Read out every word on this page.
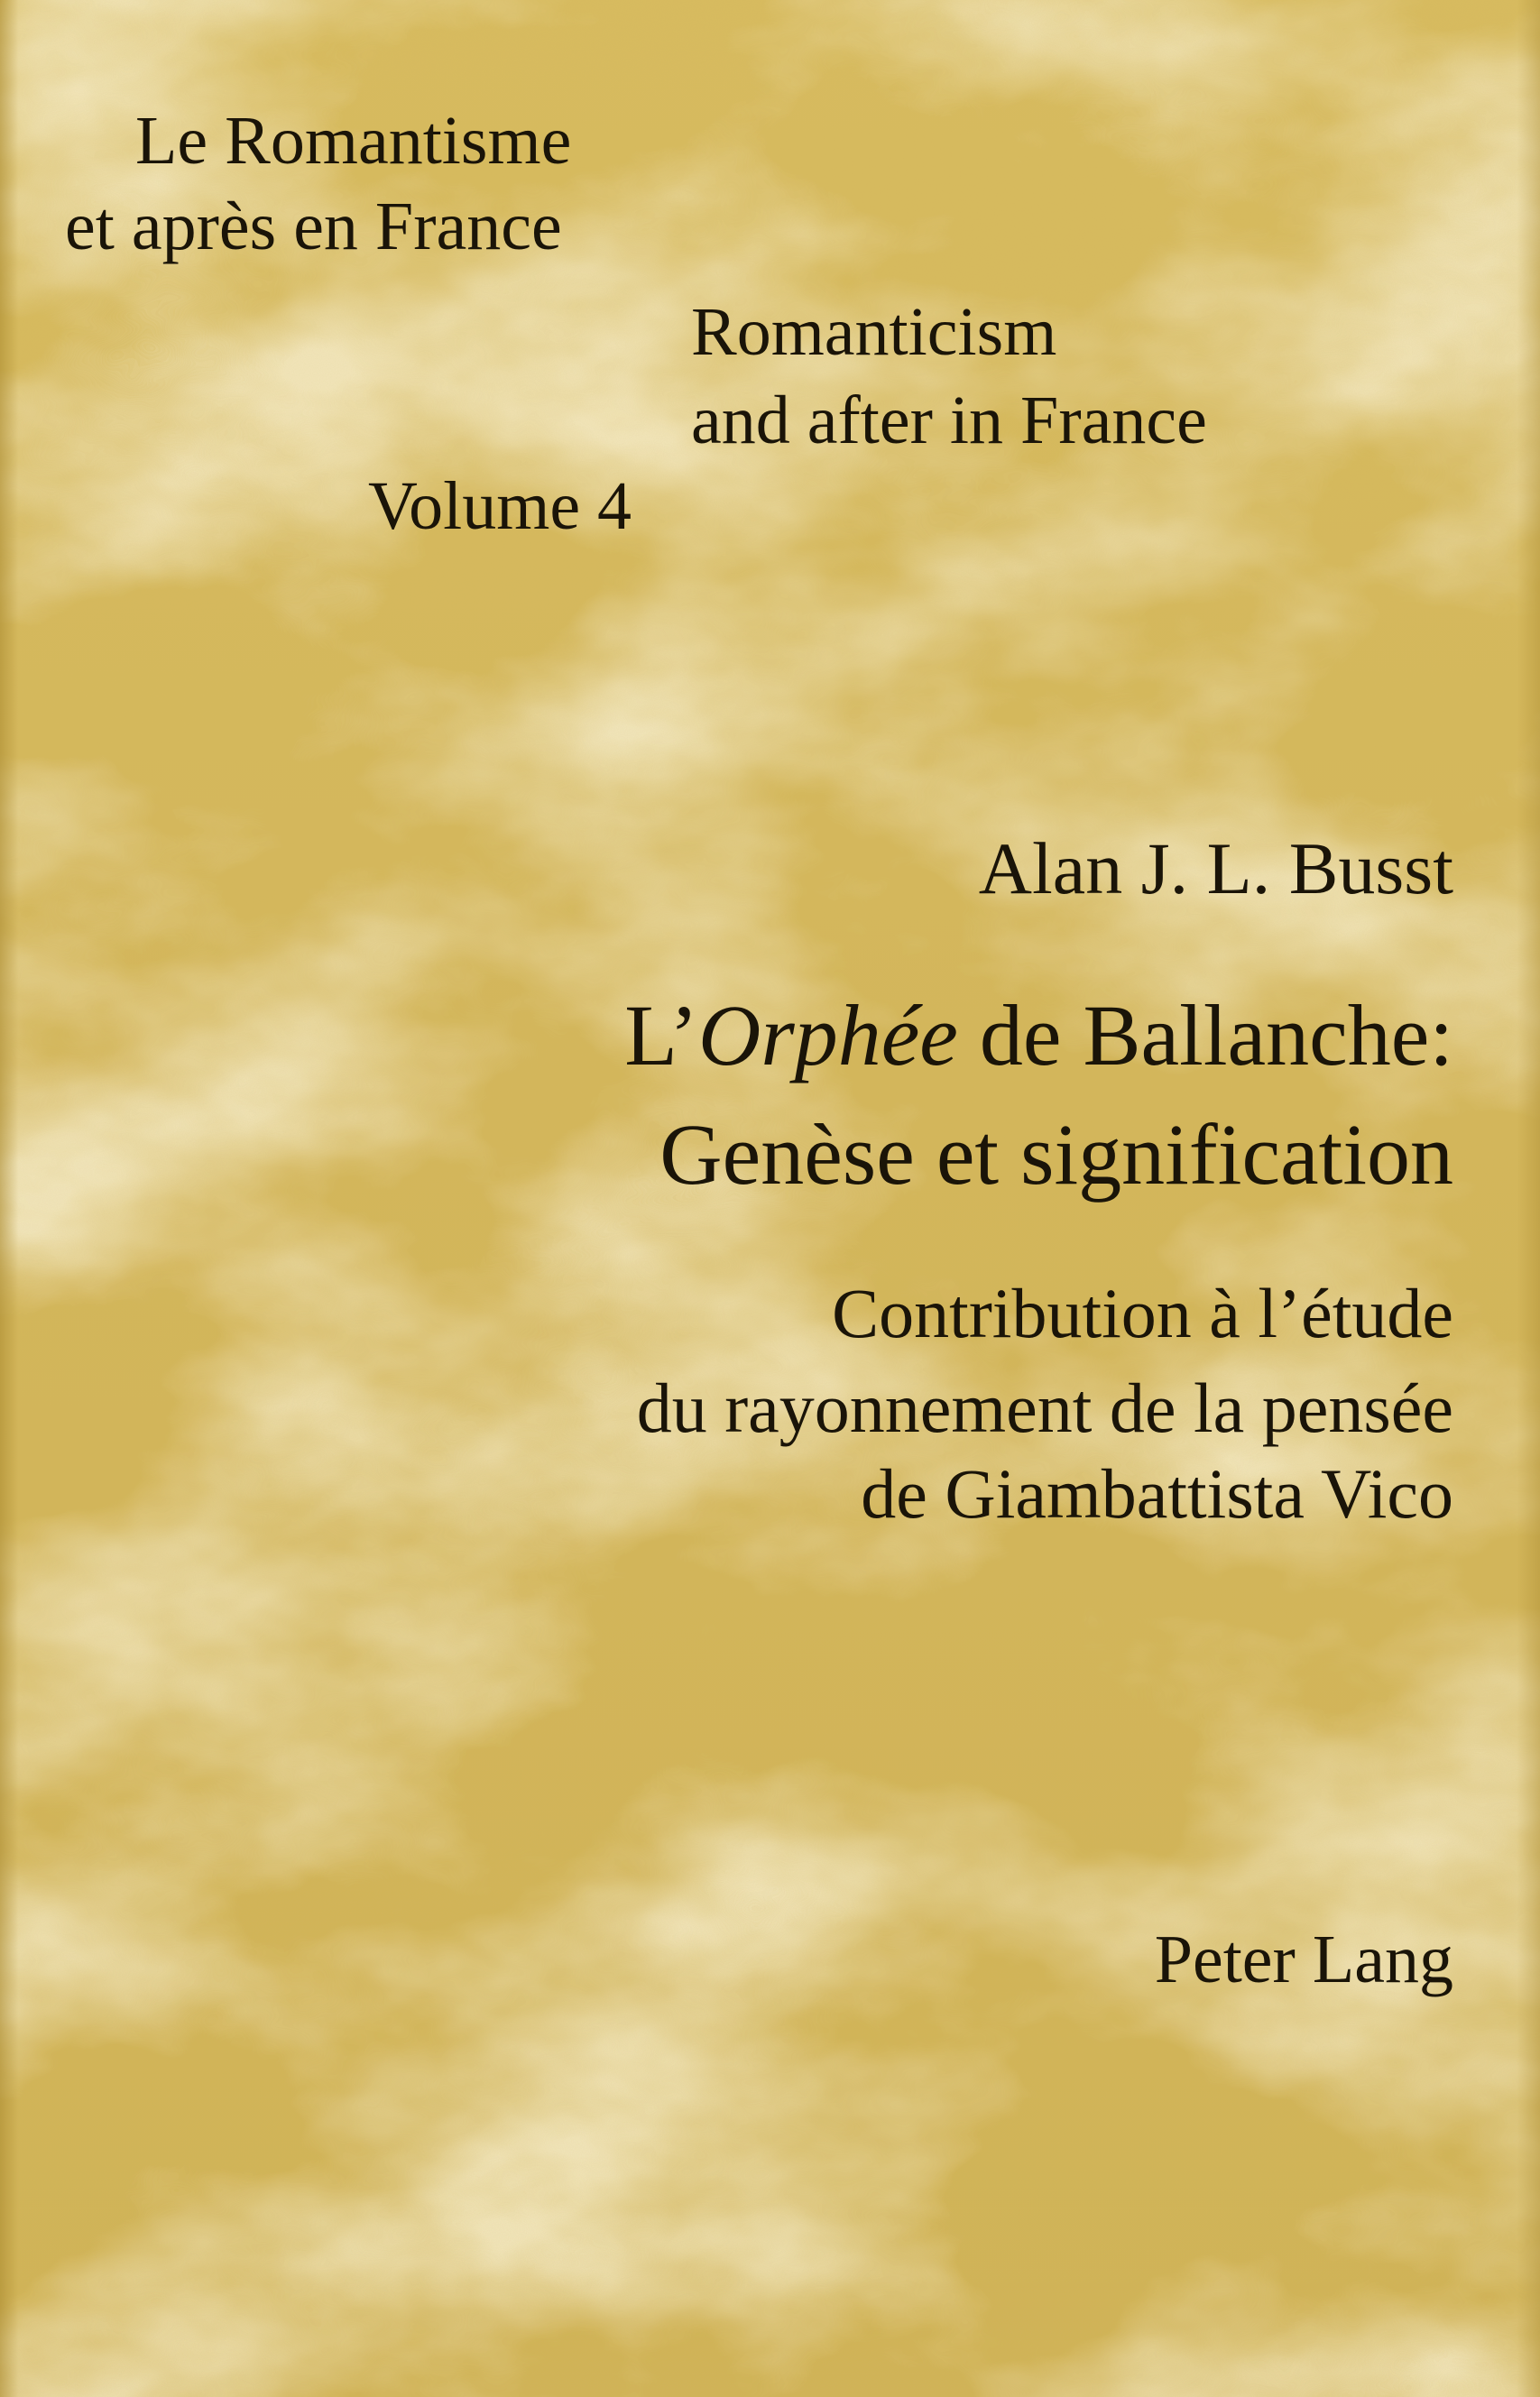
Le Romantisme

et après en France

Romanticism

and after in France

Volume 4

Alan J. L. Busst

L’Orphée de Ballanche:

Genèse et signification

Contribution à l’étude

du rayonnement de la pensée

de Giambattista Vico

Peter Lang
